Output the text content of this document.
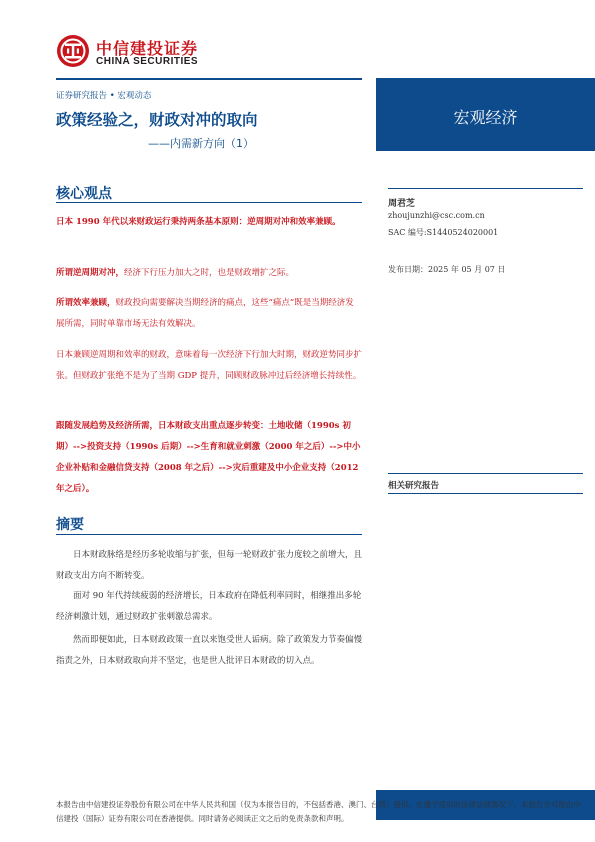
中信建投证券
CHINA SECURITIES
宏观经济
证券研究报告 • 宏观动态
政策经验之，财政对冲的取向
——内需新方向（1）
核心观点
日本 1990 年代以来财政运行秉持两条基本原则：逆周期对冲和效率兼顾。
所谓逆周期对冲，经济下行压力加大之时，也是财政增扩之际。
所谓效率兼顾，财政投向需要解决当期经济的痛点，这些“痛点”既是当期经济发展所需，同时单靠市场无法有效解决。
日本兼顾逆周期和效率的财政，意味着每一次经济下行加大时期，财政逆势同步扩张。但财政扩张绝不是为了当期 GDP 提升，同顾财政脉冲过后经济增长持续性。
跟随发展趋势及经济所需，日本财政支出重点逐步转变：土地收储（1990s 初期）-->投资支持（1990s 后期）-->生育和就业刺激（2000 年之后）-->中小企业补贴和金融信贷支持（2008 年之后）-->灾后重建及中小企业支持（2012 年之后）。
摘要
日本财政脉络是经历多轮收缩与扩张，但每一轮财政扩张力度较之前增大，且财政支出方向不断转变。
面对 90 年代持续疲弱的经济增长，日本政府在降低利率同时，相继推出多轮经济刺激计划，通过财政扩张刺激总需求。
然而即便如此，日本财政政策一直以来饱受世人诟病。除了政策发力节奏偏慢指责之外，日本财政取向并不坚定，也是世人批评日本财政的切入点。
周君芝
zhoujunzhi@csc.com.cn
SAC 编号:S1440524020001
发布日期：2025 年 05 月 07 日
相关研究报告
本报告由中信建投证券股份有限公司在中华人民共和国（仅为本报告目的，不包括香港、澳门、台湾）提供。在遵守适用的法律法规情况下，本报告亦可能由中信建投（国际）证券有限公司在香港提供。同时请务必阅读正文之后的免责条款和声明。
